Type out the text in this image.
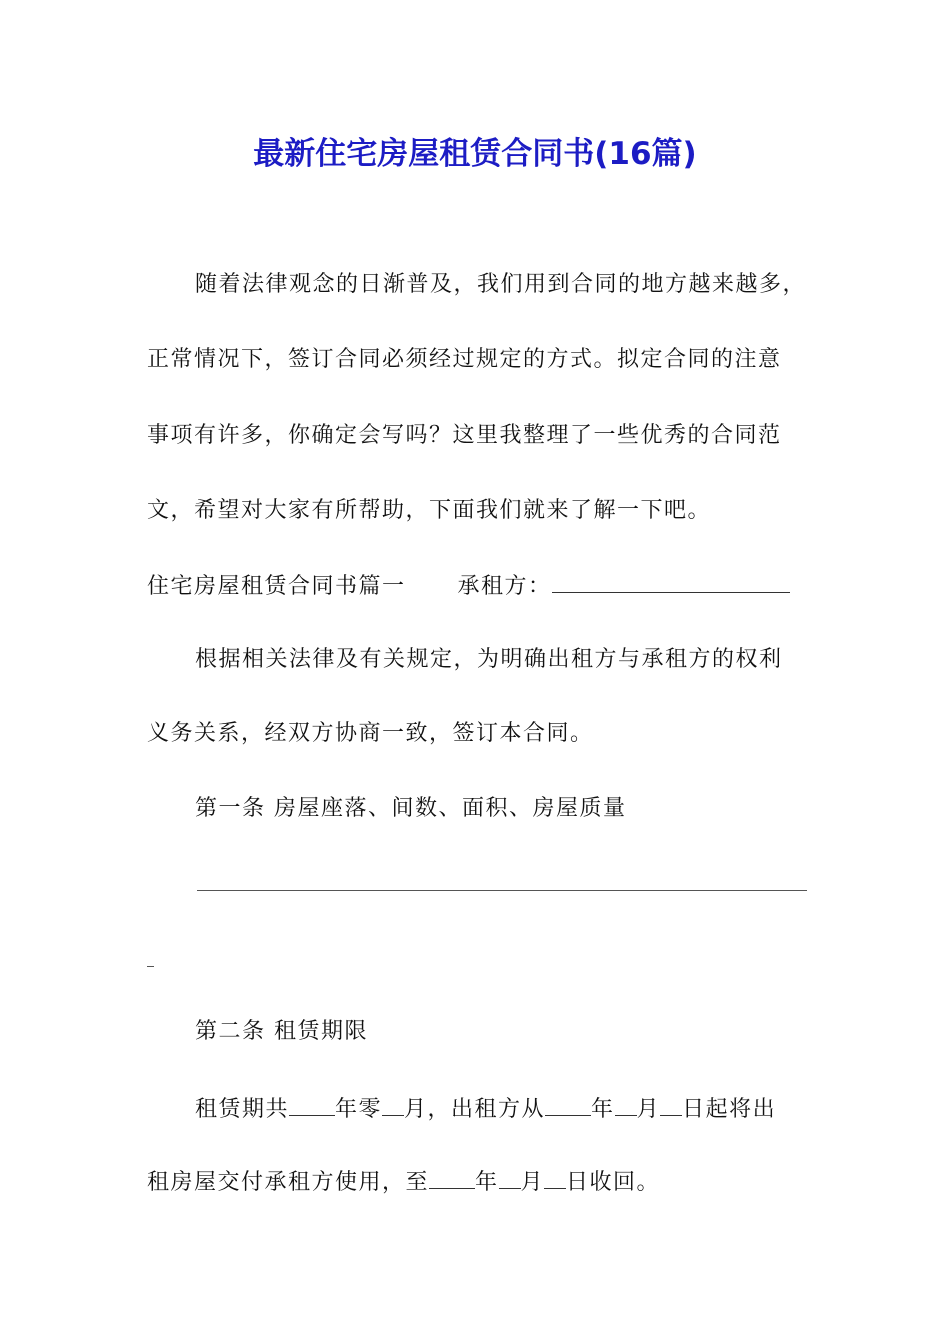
最新住宅房屋租赁合同书(16篇)

随着法律观念的日渐普及，我们用到合同的地方越来越多，

正常情况下，签订合同必须经过规定的方式。拟定合同的注意

事项有许多，你确定会写吗？这里我整理了一些优秀的合同范

文，希望对大家有所帮助，下面我们就来了解一下吧。

住宅房屋租赁合同书篇一 承租方：

根据相关法律及有关规定，为明确出租方与承租方的权利

义务关系，经双方协商一致，签订本合同。

第一条 房屋座落、间数、面积、房屋质量

第二条 租赁期限

租赁期共 年零 月，出租方从 年 月 日起将出

租房屋交付承租方使用，至 年 月 日收回。
